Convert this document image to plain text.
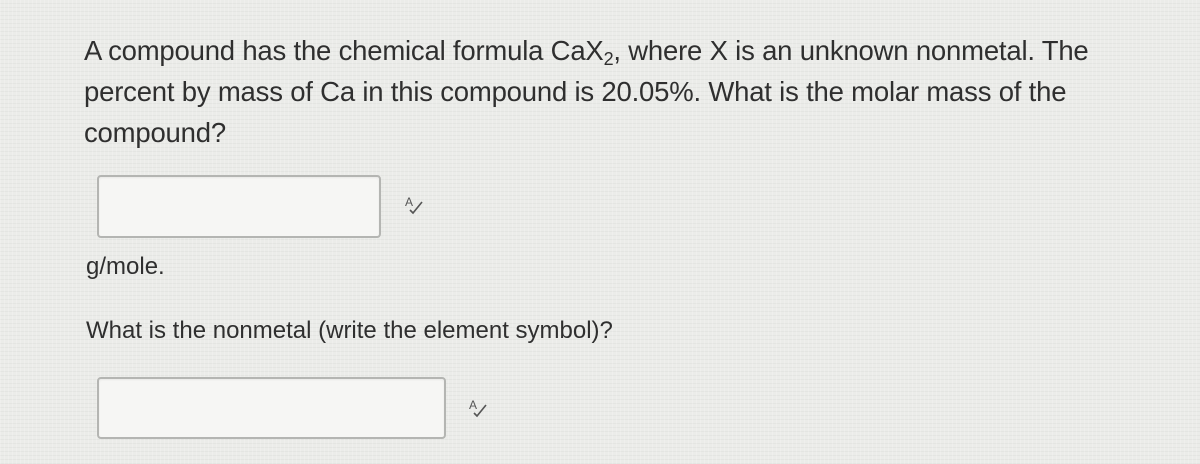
A compound has the chemical formula CaX$_2$, where X is an unknown nonmetal. The percent by mass of Ca in this compound is 20.05%. What is the molar mass of the compound?
A
g/mole.
What is the nonmetal (write the element symbol)?
A
